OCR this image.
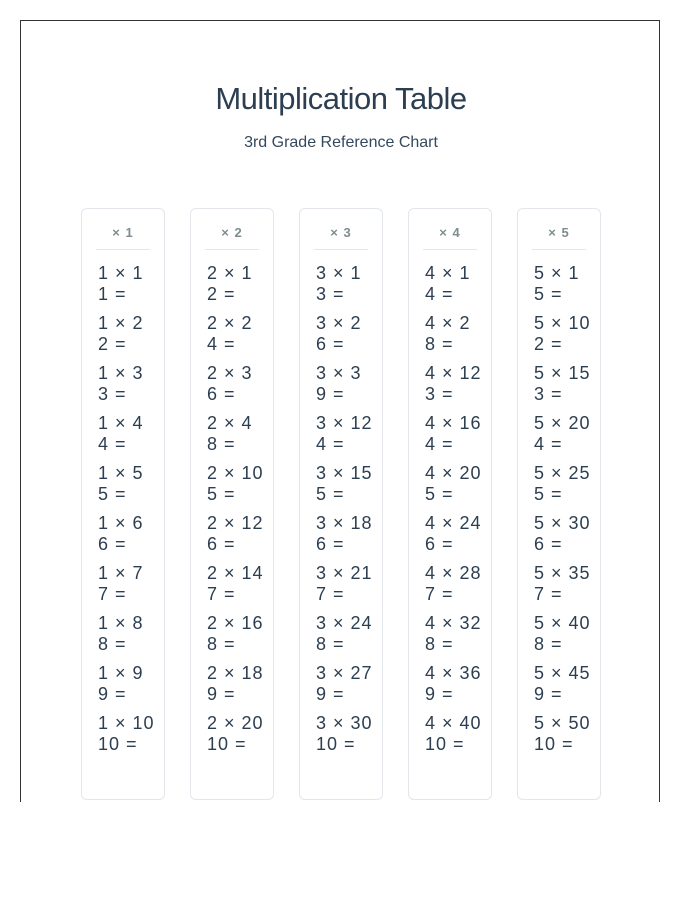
Multiplication Table
3rd Grade Reference Chart
× 1
1 × 1 1 =
1 × 2 2 =
1 × 3 3 =
1 × 4 4 =
1 × 5 5 =
1 × 6 6 =
1 × 7 7 =
1 × 8 8 =
1 × 9 9 =
1 × 10 10 =
× 2
2 × 1 2 =
2 × 2 4 =
2 × 3 6 =
2 × 4 8 =
2 × 10 5 =
2 × 12 6 =
2 × 14 7 =
2 × 16 8 =
2 × 18 9 =
2 × 20 10 =
× 3
3 × 1 3 =
3 × 2 6 =
3 × 3 9 =
3 × 12 4 =
3 × 15 5 =
3 × 18 6 =
3 × 21 7 =
3 × 24 8 =
3 × 27 9 =
3 × 30 10 =
× 4
4 × 1 4 =
4 × 2 8 =
4 × 12 3 =
4 × 16 4 =
4 × 20 5 =
4 × 24 6 =
4 × 28 7 =
4 × 32 8 =
4 × 36 9 =
4 × 40 10 =
× 5
5 × 1 5 =
5 × 10 2 =
5 × 15 3 =
5 × 20 4 =
5 × 25 5 =
5 × 30 6 =
5 × 35 7 =
5 × 40 8 =
5 × 45 9 =
5 × 50 10 =
